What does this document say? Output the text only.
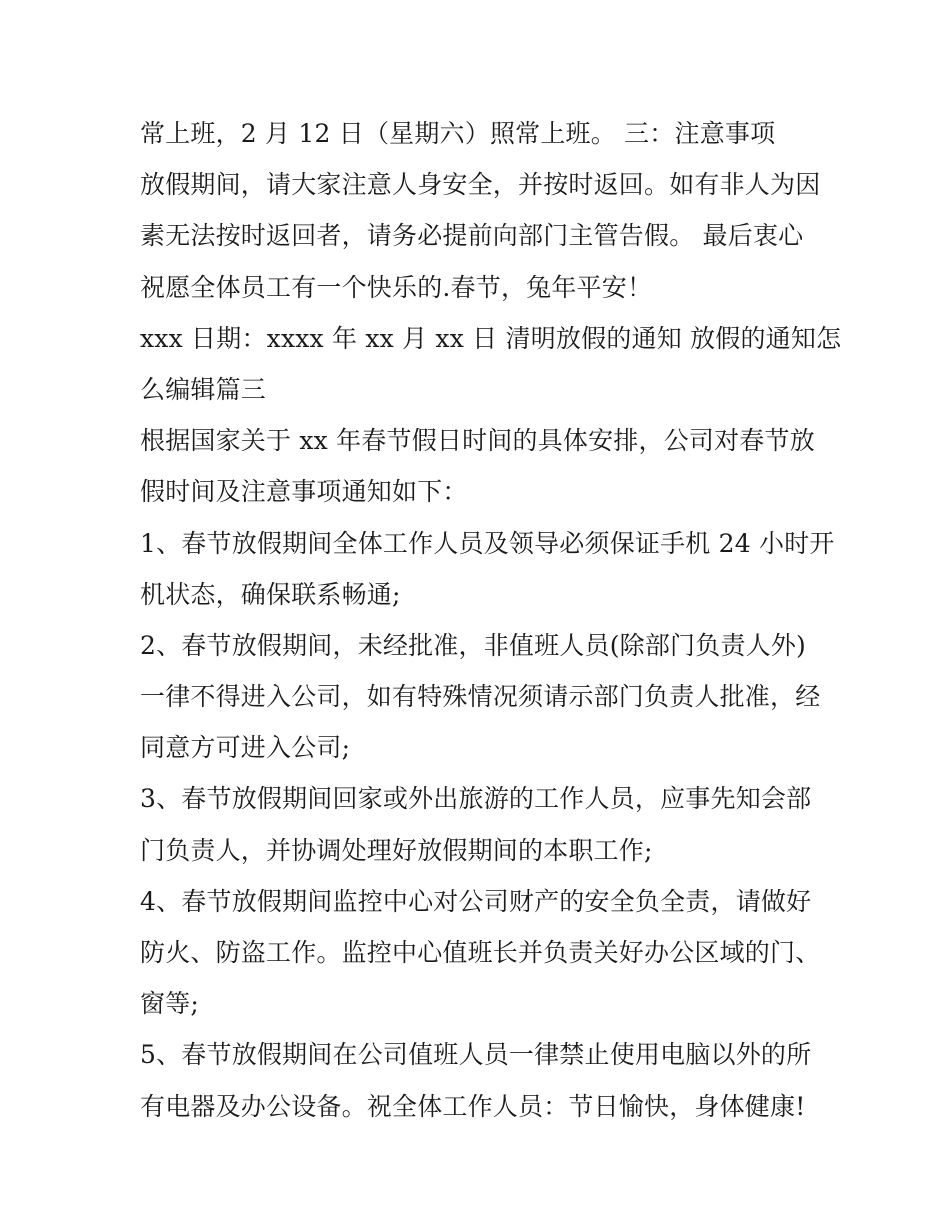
常上班，2 月 12 日（星期六）照常上班。 三：注意事项
放假期间，请大家注意人身安全，并按时返回。如有非人为因
素无法按时返回者，请务必提前向部门主管告假。 最后衷心
祝愿全体员工有一个快乐的.春节，兔年平安！
xxx 日期：xxxx 年 xx 月 xx 日 清明放假的通知 放假的通知怎
么编辑篇三
根据国家关于 xx 年春节假日时间的具体安排，公司对春节放
假时间及注意事项通知如下：
1、春节放假期间全体工作人员及领导必须保证手机 24 小时开
机状态，确保联系畅通;
2、春节放假期间，未经批准，非值班人员(除部门负责人外)
一律不得进入公司，如有特殊情况须请示部门负责人批准，经
同意方可进入公司;
3、春节放假期间回家或外出旅游的工作人员，应事先知会部
门负责人，并协调处理好放假期间的本职工作;
4、春节放假期间监控中心对公司财产的安全负全责，请做好
防火、防盗工作。监控中心值班长并负责关好办公区域的门、
窗等;
5、春节放假期间在公司值班人员一律禁止使用电脑以外的所
有电器及办公设备。祝全体工作人员：节日愉快，身体健康!
